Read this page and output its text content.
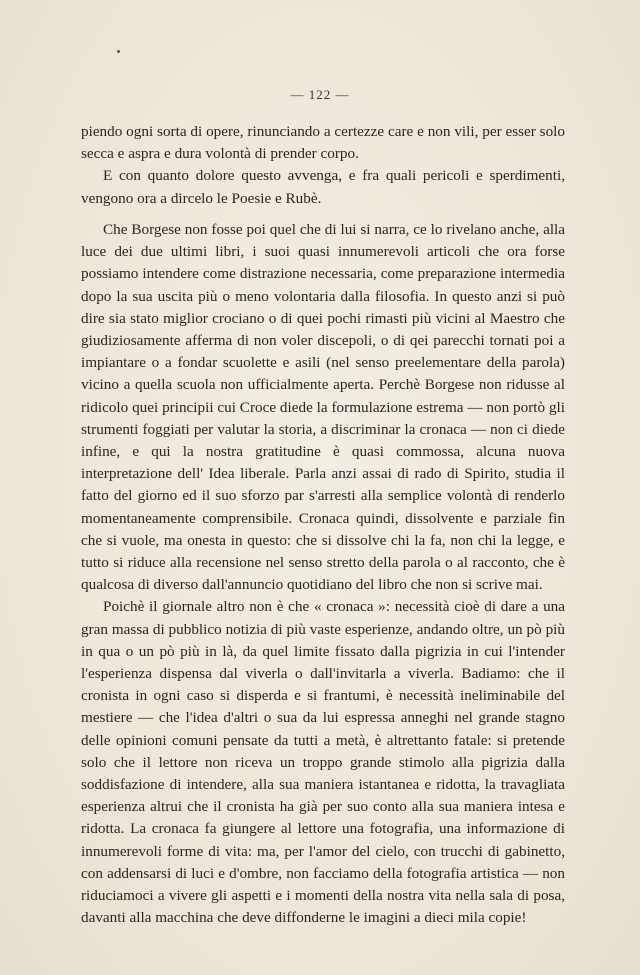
— 122 —

piendo ogni sorta di opere, rinunciando a certezze care e non vili, per esser solo secca e aspra e dura volontà di prender corpo.

E con quanto dolore questo avvenga, e fra quali pericoli e sperdimenti, vengono ora a dircelo le Poesie e Rubè.

Che Borgese non fosse poi quel che di lui si narra, ce lo rivelano anche, alla luce dei due ultimi libri, i suoi quasi innumerevoli articoli che ora forse possiamo intendere come distrazione necessaria, come preparazione intermedia dopo la sua uscita più o meno volontaria dalla filosofia. In questo anzi si può dire sia stato miglior crociano o di quei pochi rimasti più vicini al Maestro che giudiziosamente afferma di non voler discepoli, o di qei parecchi tornati poi a impiantare o a fondar scuolette e asili (nel senso preelementare della parola) vicino a quella scuola non ufficialmente aperta. Perchè Borgese non ridusse al ridicolo quei principii cui Croce diede la formulazione estrema — non portò gli strumenti foggiati per valutar la storia, a discriminar la cronaca — non ci diede infine, e qui la nostra gratitudine è quasi commossa, alcuna nuova interpretazione dell' Idea liberale. Parla anzi assai di rado di Spirito, studia il fatto del giorno ed il suo sforzo par s'arresti alla semplice volontà di renderlo momentaneamente comprensibile. Cronaca quindi, dissolvente e parziale fin che si vuole, ma onesta in questo: che si dissolve chi la fa, non chi la legge, e tutto si riduce alla recensione nel senso stretto della parola o al racconto, che è qualcosa di diverso dall'annuncio quotidiano del libro che non si scrive mai.

Poichè il giornale altro non è che « cronaca »: necessità cioè di dare a una gran massa di pubblico notizia di più vaste esperienze, andando oltre, un pò più in qua o un pò più in là, da quel limite fissato dalla pigrizia in cui l'intender l'esperienza dispensa dal viverla o dall'invitarla a viverla. Badiamo: che il cronista in ogni caso si disperda e si frantumi, è necessità ineliminabile del mestiere — che l'idea d'altri o sua da lui espressa anneghi nel grande stagno delle opinioni comuni pensate da tutti a metà, è altrettanto fatale: si pretende solo che il lettore non riceva un troppo grande stimolo alla pigrizia dalla soddisfazione di intendere, alla sua maniera istantanea e ridotta, la travagliata esperienza altrui che il cronista ha già per suo conto alla sua maniera intesa e ridotta. La cronaca fa giungere al lettore una fotografia, una informazione di innumerevoli forme di vita: ma, per l'amor del cielo, con trucchi di gabinetto, con addensarsi di luci e d'ombre, non facciamo della fotografia artistica — non riduciamoci a vivere gli aspetti e i momenti della nostra vita nella sala di posa, davanti alla macchina che deve diffonderne le imagini a dieci mila copie!
